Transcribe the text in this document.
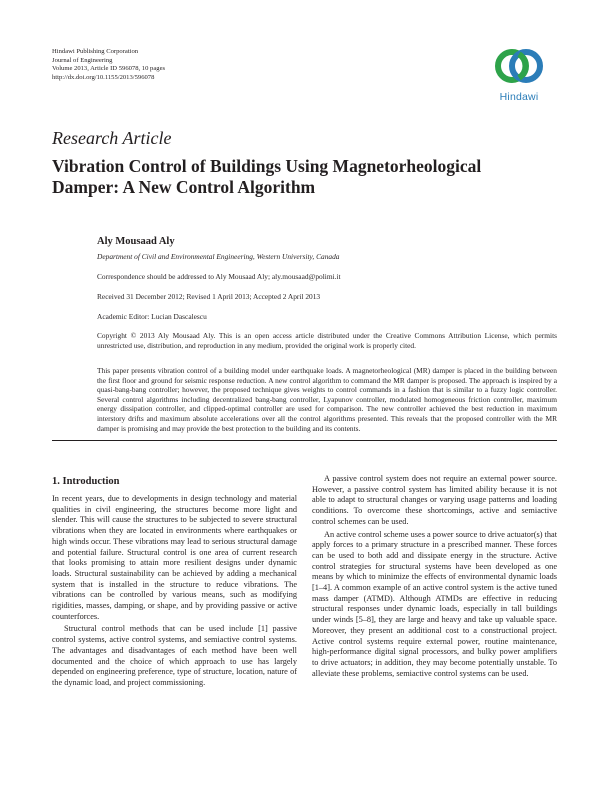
Hindawi Publishing Corporation
Journal of Engineering
Volume 2013, Article ID 596078, 10 pages
http://dx.doi.org/10.1155/2013/596078
Hindawi
Research Article
Vibration Control of Buildings Using Magnetorheological
Damper: A New Control Algorithm
Aly Mousaad Aly
Department of Civil and Environmental Engineering, Western University, Canada
Correspondence should be addressed to Aly Mousaad Aly; aly.mousaad@polimi.it
Received 31 December 2012; Revised 1 April 2013; Accepted 2 April 2013
Academic Editor: Lucian Dascalescu
Copyright © 2013 Aly Mousaad Aly. This is an open access article distributed under the Creative Commons Attribution License, which permits unrestricted use, distribution, and reproduction in any medium, provided the original work is properly cited.
This paper presents vibration control of a building model under earthquake loads. A magnetorheological (MR) damper is placed in the building between the first floor and ground for seismic response reduction. A new control algorithm to command the MR damper is proposed. The approach is inspired by a quasi-bang-bang controller; however, the proposed technique gives weights to control commands in a fashion that is similar to a fuzzy logic controller. Several control algorithms including decentralized bang-bang controller, Lyapunov controller, modulated homogeneous friction controller, maximum energy dissipation controller, and clipped-optimal controller are used for comparison. The new controller achieved the best reduction in maximum interstory drifts and maximum absolute accelerations over all the control algorithms presented. This reveals that the proposed controller with the MR damper is promising and may provide the best protection to the building and its contents.
1. Introduction

In recent years, due to developments in design technology and material qualities in civil engineering, the structures become more light and slender. This will cause the structures to be subjected to severe structural vibrations when they are located in environments where earthquakes or high winds occur. These vibrations may lead to serious structural damage and potential failure. Structural control is one area of current research that looks promising to attain more resilient designs under dynamic loads. Structural sustainability can be achieved by adding a mechanical system that is installed in the structure to reduce vibrations. The vibrations can be controlled by various means, such as modifying rigidities, masses, damping, or shape, and by providing passive or active counterforces.

Structural control methods that can be used include [1] passive control systems, active control systems, and semiactive control systems. The advantages and disadvantages of each method have been well documented and the choice of which approach to use has largely depended on engineering preference, type of structure, location, nature of the dynamic load, and project commissioning.

A passive control system does not require an external power source. However, a passive control system has limited ability because it is not able to adapt to structural changes or varying usage patterns and loading conditions. To overcome these shortcomings, active and semiactive control schemes can be used.

An active control scheme uses a power source to drive actuator(s) that apply forces to a primary structure in a prescribed manner. These forces can be used to both add and dissipate energy in the structure. Active control strategies for structural systems have been developed as one means by which to minimize the effects of environmental dynamic loads [1–4]. A common example of an active control system is the active tuned mass damper (ATMD). Although ATMDs are effective in reducing structural responses under dynamic loads, especially in tall buildings under winds [5–8], they are large and heavy and take up valuable space. Moreover, they present an additional cost to a constructional project. Active control systems require external power, routine maintenance, high-performance digital signal processors, and bulky power amplifiers to drive actuators; in addition, they may become potentially unstable. To alleviate these problems, semiactive control systems can be used.
